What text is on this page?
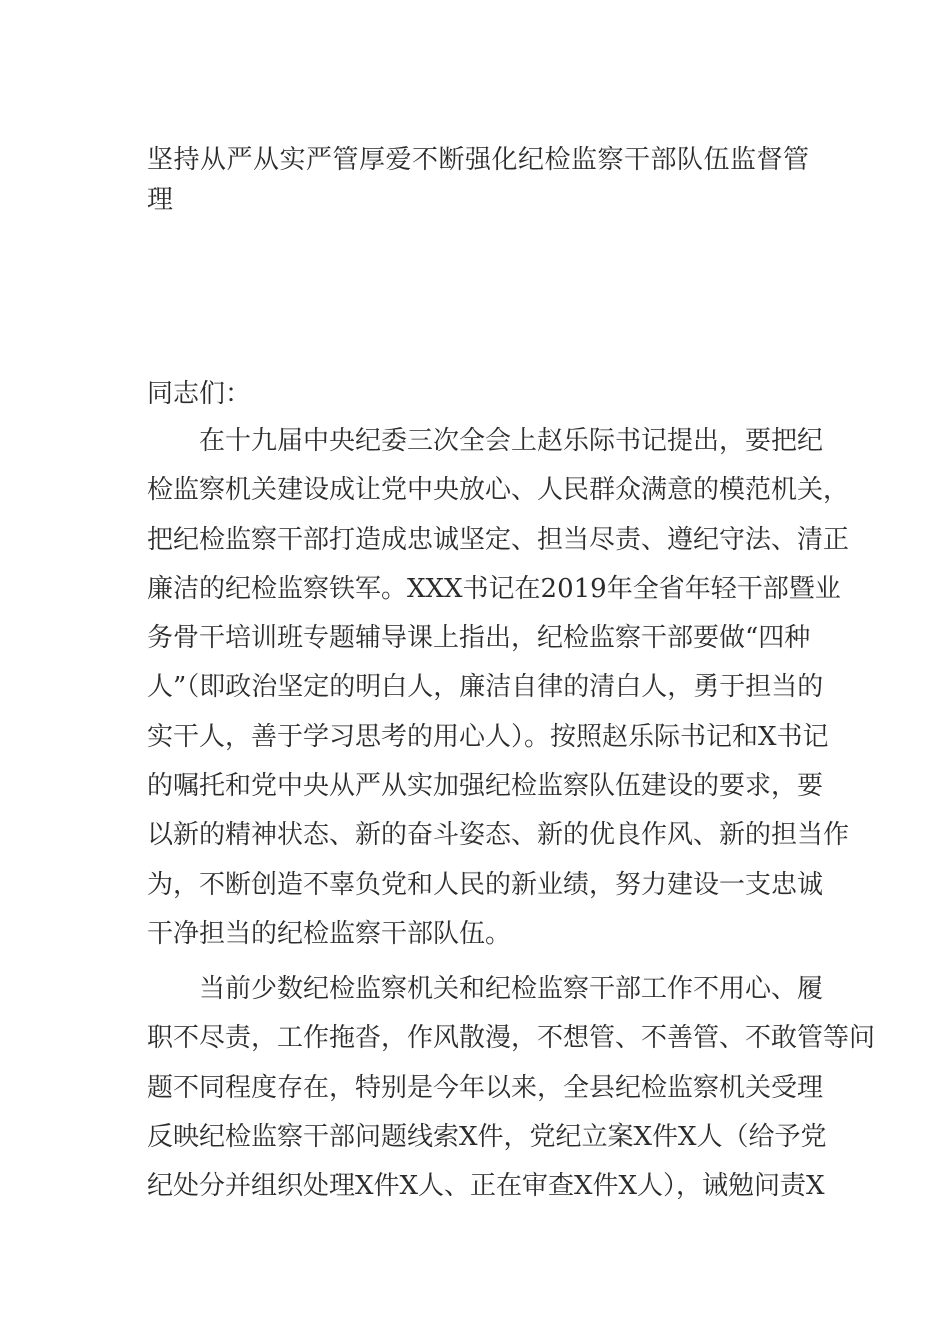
坚持从严从实严管厚爱不断强化纪检监察干部队伍监督管
理

同志们：

　　在十九届中央纪委三次全会上赵乐际书记提出，要把纪
检监察机关建设成让党中央放心、人民群众满意的模范机关，
把纪检监察干部打造成忠诚坚定、担当尽责、遵纪守法、清正
廉洁的纪检监察铁军。XXX书记在2019年全省年轻干部暨业
务骨干培训班专题辅导课上指出，纪检监察干部要做“四种
人”（即政治坚定的明白人，廉洁自律的清白人，勇于担当的
实干人，善于学习思考的用心人）。按照赵乐际书记和X书记
的嘱托和党中央从严从实加强纪检监察队伍建设的要求，要
以新的精神状态、新的奋斗姿态、新的优良作风、新的担当作
为，不断创造不辜负党和人民的新业绩，努力建设一支忠诚
干净担当的纪检监察干部队伍。

　　当前少数纪检监察机关和纪检监察干部工作不用心、履
职不尽责，工作拖沓，作风散漫，不想管、不善管、不敢管等问
题不同程度存在，特别是今年以来，全县纪检监察机关受理
反映纪检监察干部问题线索X件，党纪立案X件X人（给予党
纪处分并组织处理X件X人、正在审查X件X人），诫勉问责X
